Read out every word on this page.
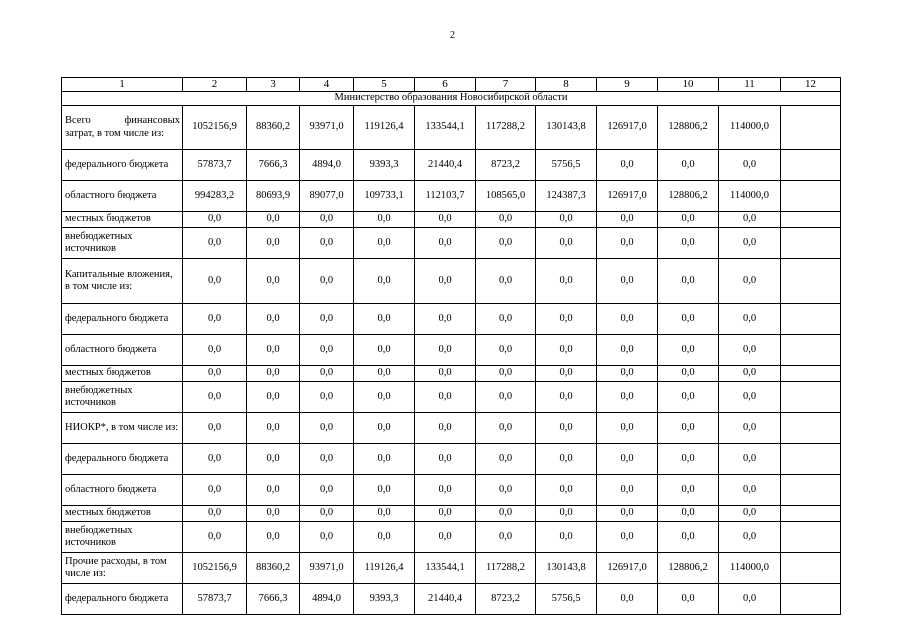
2
1	2	3	4	5	6	7	8	9	10	11	12
Министерство образования Новосибирской области											
Всего финансовых затрат, в том числе из:	1052156,9	88360,2	93971,0	119126,4	133544,1	117288,2	130143,8	126917,0	128806,2	114000,0	
федерального бюджета	57873,7	7666,3	4894,0	9393,3	21440,4	8723,2	5756,5	0,0	0,0	0,0	
областного бюджета	994283,2	80693,9	89077,0	109733,1	112103,7	108565,0	124387,3	126917,0	128806,2	114000,0	
местных бюджетов	0,0	0,0	0,0	0,0	0,0	0,0	0,0	0,0	0,0	0,0	
внебюджетных источников	0,0	0,0	0,0	0,0	0,0	0,0	0,0	0,0	0,0	0,0	
Капитальные вложения, в том числе из:	0,0	0,0	0,0	0,0	0,0	0,0	0,0	0,0	0,0	0,0	
федерального бюджета	0,0	0,0	0,0	0,0	0,0	0,0	0,0	0,0	0,0	0,0	
областного бюджета	0,0	0,0	0,0	0,0	0,0	0,0	0,0	0,0	0,0	0,0	
местных бюджетов	0,0	0,0	0,0	0,0	0,0	0,0	0,0	0,0	0,0	0,0	
внебюджетных источников	0,0	0,0	0,0	0,0	0,0	0,0	0,0	0,0	0,0	0,0	
НИОКР*, в том числе из:	0,0	0,0	0,0	0,0	0,0	0,0	0,0	0,0	0,0	0,0	
федерального бюджета	0,0	0,0	0,0	0,0	0,0	0,0	0,0	0,0	0,0	0,0	
областного бюджета	0,0	0,0	0,0	0,0	0,0	0,0	0,0	0,0	0,0	0,0	
местных бюджетов	0,0	0,0	0,0	0,0	0,0	0,0	0,0	0,0	0,0	0,0	
внебюджетных источников	0,0	0,0	0,0	0,0	0,0	0,0	0,0	0,0	0,0	0,0	
Прочие расходы, в том числе из:	1052156,9	88360,2	93971,0	119126,4	133544,1	117288,2	130143,8	126917,0	128806,2	114000,0	
федерального бюджета	57873,7	7666,3	4894,0	9393,3	21440,4	8723,2	5756,5	0,0	0,0	0,0	
